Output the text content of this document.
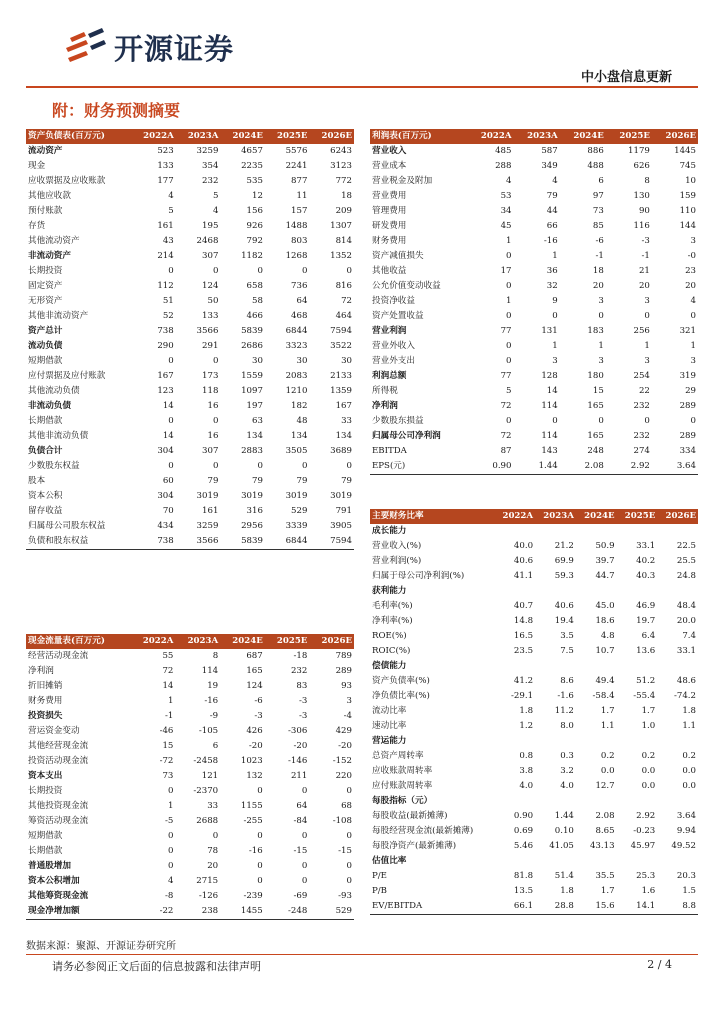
开源证券
中小盘信息更新
附：财务预测摘要
资产负债表(百万元)	2022A	2023A	2024E	2025E	2026E
流动资产	523	3259	4657	5576	6243
现金	133	354	2235	2241	3123
应收票据及应收账款	177	232	535	877	772
其他应收款	4	5	12	11	18
预付账款	5	4	156	157	209
存货	161	195	926	1488	1307
其他流动资产	43	2468	792	803	814
非流动资产	214	307	1182	1268	1352
长期投资	0	0	0	0	0
固定资产	112	124	658	736	816
无形资产	51	50	58	64	72
其他非流动资产	52	133	466	468	464
资产总计	738	3566	5839	6844	7594
流动负债	290	291	2686	3323	3522
短期借款	0	0	30	30	30
应付票据及应付账款	167	173	1559	2083	2133
其他流动负债	123	118	1097	1210	1359
非流动负债	14	16	197	182	167
长期借款	0	0	63	48	33
其他非流动负债	14	16	134	134	134
负债合计	304	307	2883	3505	3689
少数股东权益	0	0	0	0	0
股本	60	79	79	79	79
资本公积	304	3019	3019	3019	3019
留存收益	70	161	316	529	791
归属母公司股东权益	434	3259	2956	3339	3905
负债和股东权益	738	3566	5839	6844	7594
利润表(百万元)	2022A	2023A	2024E	2025E	2026E
营业收入	485	587	886	1179	1445
营业成本	288	349	488	626	745
营业税金及附加	4	4	6	8	10
营业费用	53	79	97	130	159
管理费用	34	44	73	90	110
研发费用	45	66	85	116	144
财务费用	1	-16	-6	-3	3
资产减值损失	0	1	-1	-1	-0
其他收益	17	36	18	21	23
公允价值变动收益	0	32	20	20	20
投资净收益	1	9	3	3	4
资产处置收益	0	0	0	0	0
营业利润	77	131	183	256	321
营业外收入	0	1	1	1	1
营业外支出	0	3	3	3	3
利润总额	77	128	180	254	319
所得税	5	14	15	22	29
净利润	72	114	165	232	289
少数股东损益	0	0	0	0	0
归属母公司净利润	72	114	165	232	289
EBITDA	87	143	248	274	334
EPS(元)	0.90	1.44	2.08	2.92	3.64
主要财务比率	2022A	2023A	2024E	2025E	2026E
成长能力					
营业收入(%)	40.0	21.2	50.9	33.1	22.5
营业利润(%)	40.6	69.9	39.7	40.2	25.5
归属于母公司净利润(%)	41.1	59.3	44.7	40.3	24.8
获利能力					
毛利率(%)	40.7	40.6	45.0	46.9	48.4
净利率(%)	14.8	19.4	18.6	19.7	20.0
ROE(%)	16.5	3.5	4.8	6.4	7.4
ROIC(%)	23.5	7.5	10.7	13.6	33.1
偿债能力					
资产负债率(%)	41.2	8.6	49.4	51.2	48.6
净负债比率(%)	-29.1	-1.6	-58.4	-55.4	-74.2
流动比率	1.8	11.2	1.7	1.7	1.8
速动比率	1.2	8.0	1.1	1.0	1.1
营运能力					
总资产周转率	0.8	0.3	0.2	0.2	0.2
应收账款周转率	3.8	3.2	0.0	0.0	0.0
应付账款周转率	4.0	4.0	12.7	0.0	0.0
每股指标（元）					
每股收益(最新摊薄)	0.90	1.44	2.08	2.92	3.64
每股经营现金流(最新摊薄)	0.69	0.10	8.65	-0.23	9.94
每股净资产(最新摊薄)	5.46	41.05	43.13	45.97	49.52
估值比率					
P/E	81.8	51.4	35.5	25.3	20.3
P/B	13.5	1.8	1.7	1.6	1.5
EV/EBITDA	66.1	28.8	15.6	14.1	8.8
现金流量表(百万元)	2022A	2023A	2024E	2025E	2026E
经营活动现金流	55	8	687	-18	789
净利润	72	114	165	232	289
折旧摊销	14	19	124	83	93
财务费用	1	-16	-6	-3	3
投资损失	-1	-9	-3	-3	-4
营运资金变动	-46	-105	426	-306	429
其他经营现金流	15	6	-20	-20	-20
投资活动现金流	-72	-2458	1023	-146	-152
资本支出	73	121	132	211	220
长期投资	0	-2370	0	0	0
其他投资现金流	1	33	1155	64	68
筹资活动现金流	-5	2688	-255	-84	-108
短期借款	0	0	0	0	0
长期借款	0	78	-16	-15	-15
普通股增加	0	20	0	0	0
资本公积增加	4	2715	0	0	0
其他筹资现金流	-8	-126	-239	-69	-93
现金净增加额	-22	238	1455	-248	529
数据来源：聚源、开源证券研究所
请务必参阅正文后面的信息披露和法律声明	2 / 4
